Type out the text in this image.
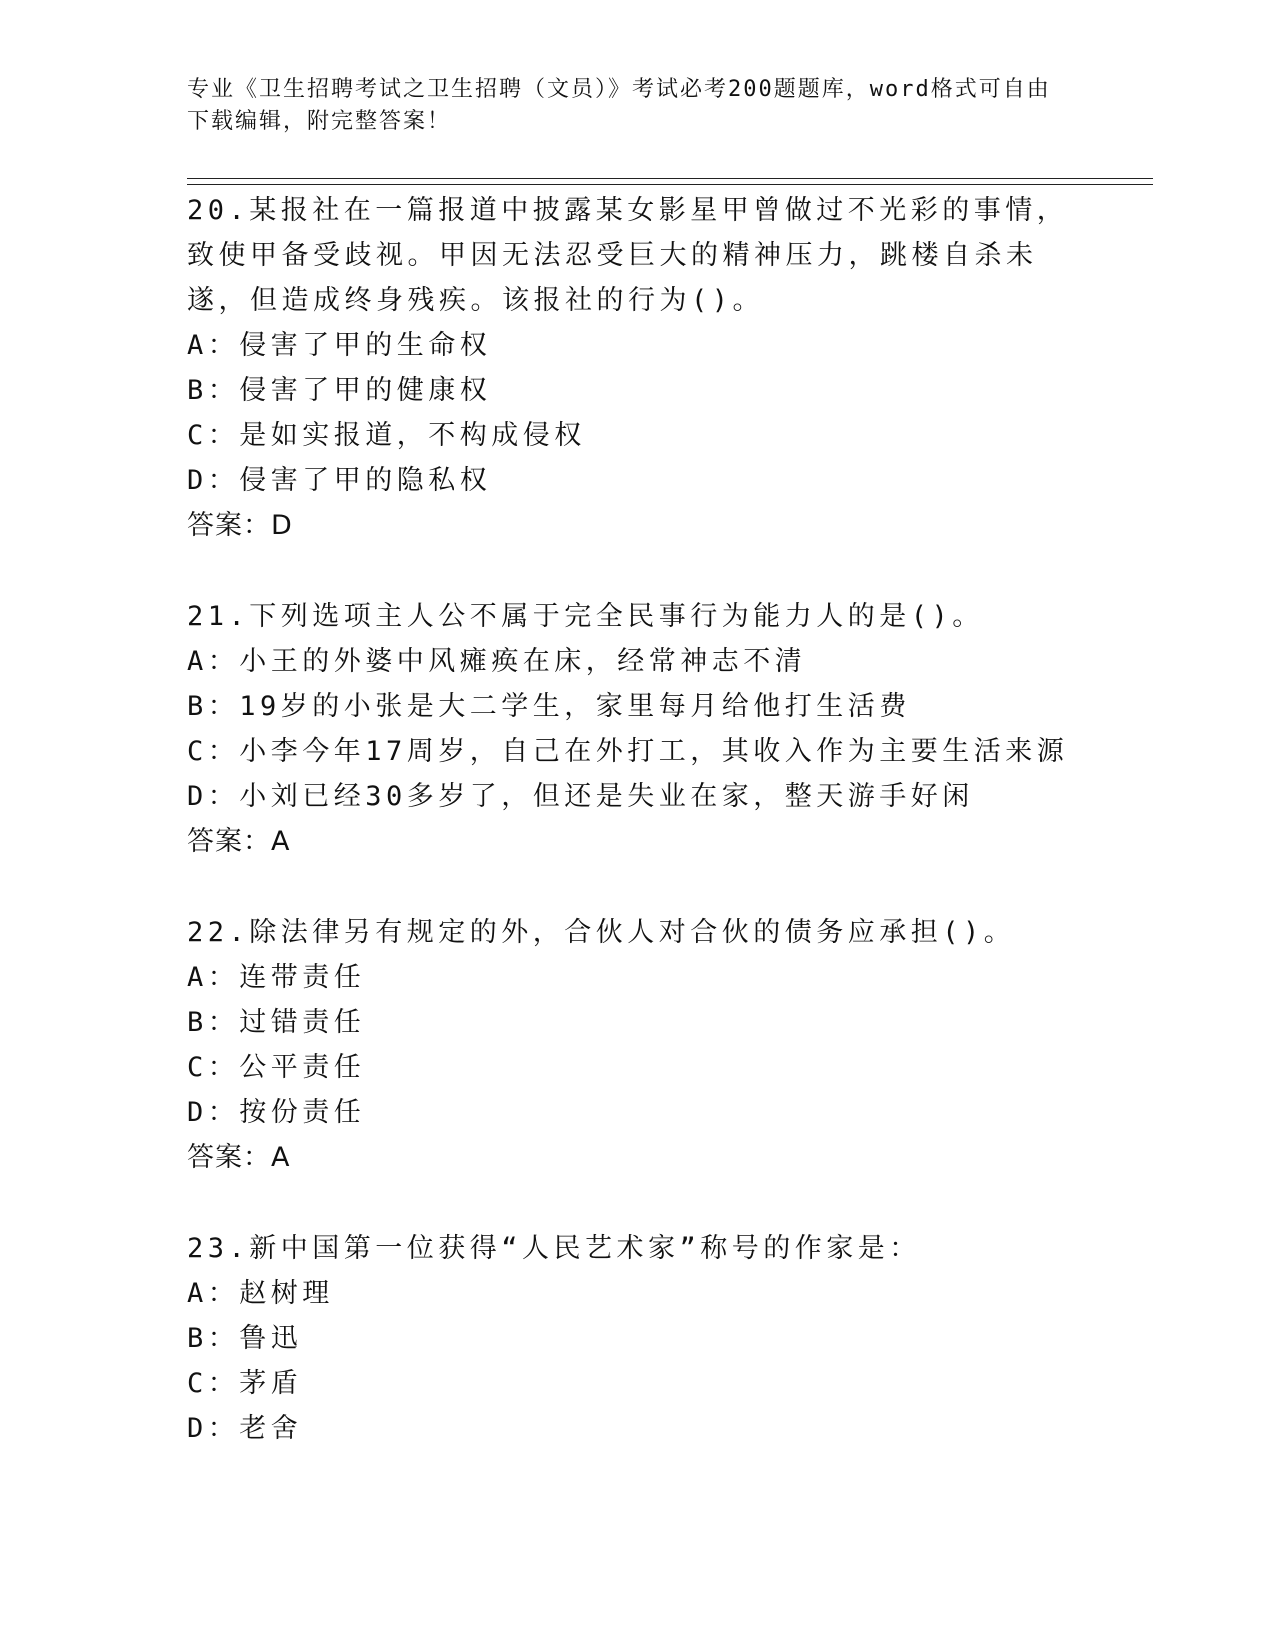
专业《卫生招聘考试之卫生招聘（文员）》考试必考200题题库，word格式可自由下载编辑，附完整答案！
20.某报社在一篇报道中披露某女影星甲曾做过不光彩的事情，致使甲备受歧视。甲因无法忍受巨大的精神压力，跳楼自杀未遂，但造成终身残疾。该报社的行为()。
A：侵害了甲的生命权
B：侵害了甲的健康权
C：是如实报道，不构成侵权
D：侵害了甲的隐私权
答案：D
21.下列选项主人公不属于完全民事行为能力人的是()。
A：小王的外婆中风瘫痪在床，经常神志不清
B：19岁的小张是大二学生，家里每月给他打生活费
C：小李今年17周岁，自己在外打工，其收入作为主要生活来源
D：小刘已经30多岁了，但还是失业在家，整天游手好闲
答案：A
22.除法律另有规定的外，合伙人对合伙的债务应承担()。
A：连带责任
B：过错责任
C：公平责任
D：按份责任
答案：A
23.新中国第一位获得“人民艺术家”称号的作家是：
A：赵树理
B：鲁迅
C：茅盾
D：老舍
